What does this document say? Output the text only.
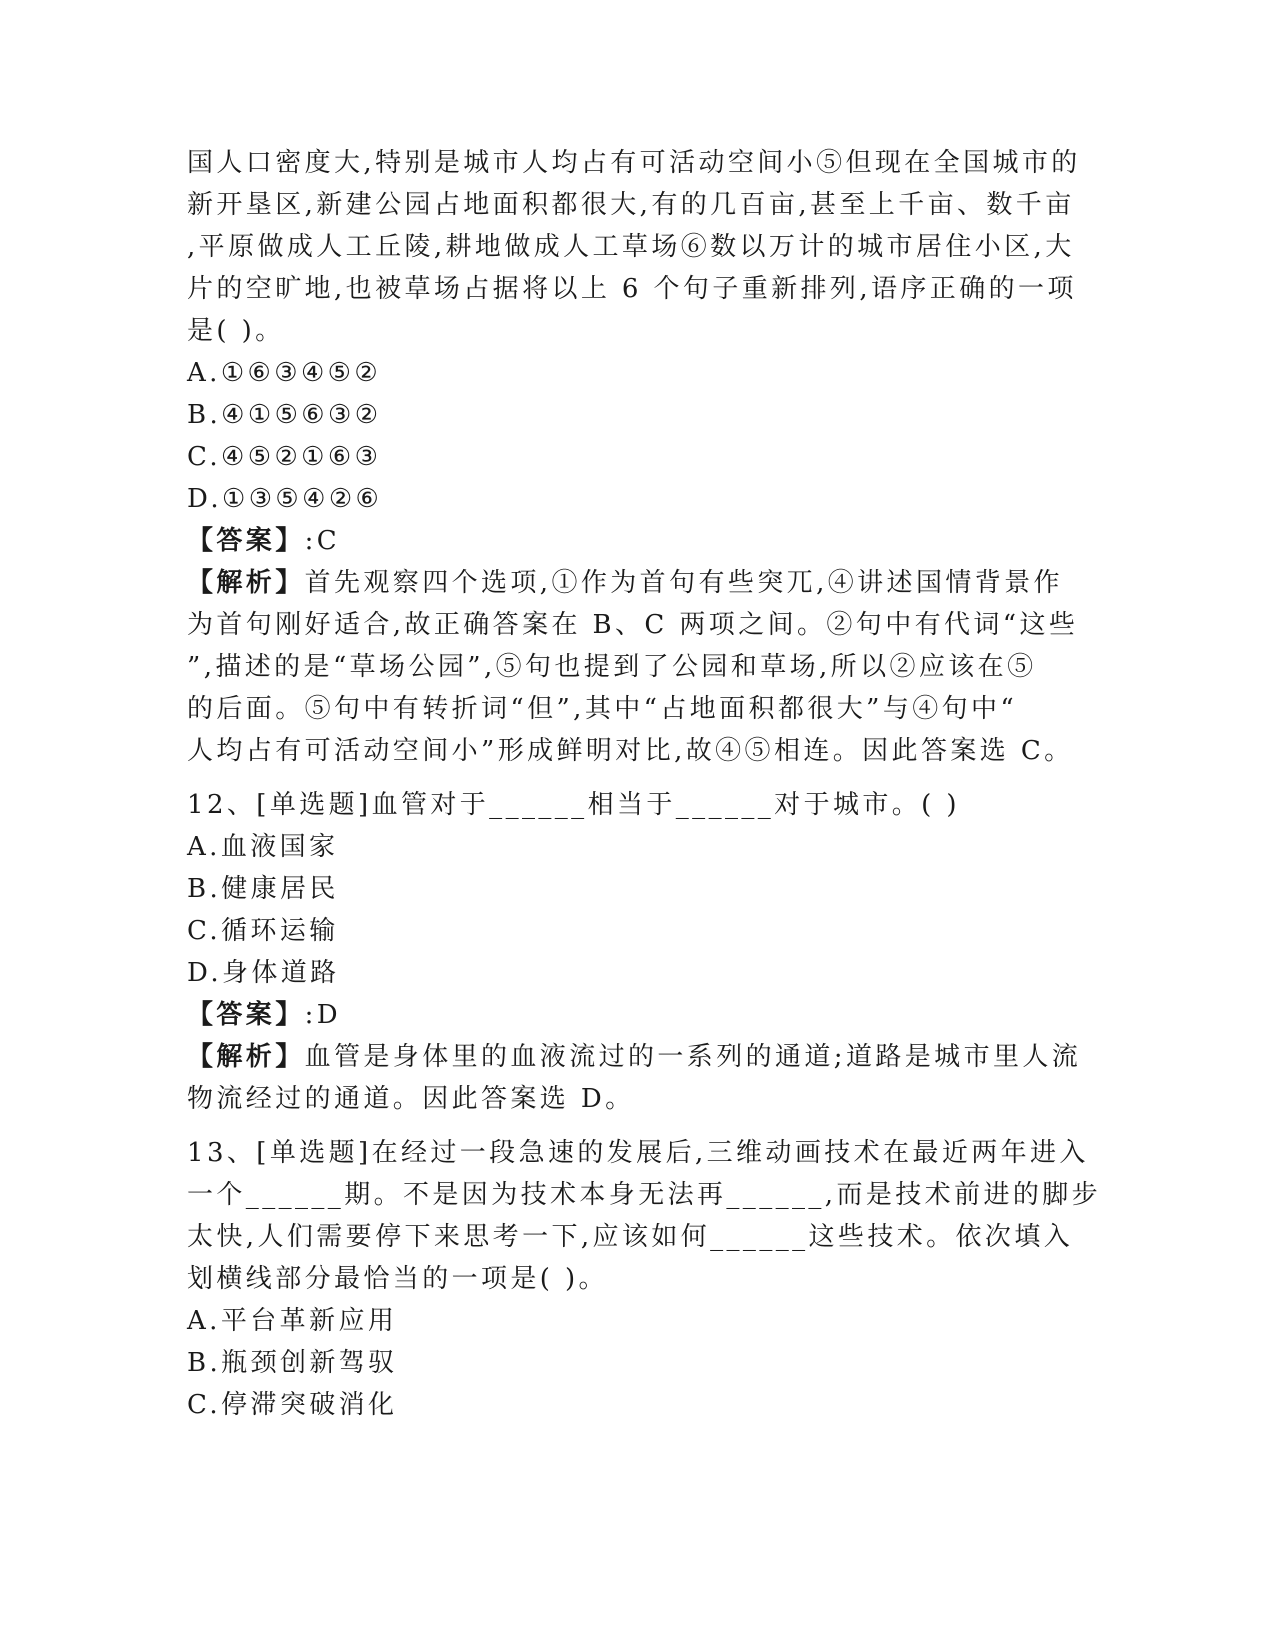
国人口密度大,特别是城市人均占有可活动空间小⑤但现在全国城市的
新开垦区,新建公园占地面积都很大,有的几百亩,甚至上千亩、数千亩
,平原做成人工丘陵,耕地做成人工草场⑥数以万计的城市居住小区,大
片的空旷地,也被草场占据将以上 6 个句子重新排列,语序正确的一项
是( )。
A.①⑥③④⑤②
B.④①⑤⑥③②
C.④⑤②①⑥③
D.①③⑤④②⑥
【答案】:C
【解析】首先观察四个选项,①作为首句有些突兀,④讲述国情背景作
为首句刚好适合,故正确答案在 B、C 两项之间。②句中有代词“这些
”,描述的是“草场公园”,⑤句也提到了公园和草场,所以②应该在⑤
的后面。⑤句中有转折词“但”,其中“占地面积都很大”与④句中“
人均占有可活动空间小”形成鲜明对比,故④⑤相连。因此答案选 C。
12、[单选题]血管对于______相当于______对于城市。( )
A.血液国家
B.健康居民
C.循环运输
D.身体道路
【答案】:D
【解析】血管是身体里的血液流过的一系列的通道;道路是城市里人流
物流经过的通道。因此答案选 D。
13、[单选题]在经过一段急速的发展后,三维动画技术在最近两年进入
一个______期。不是因为技术本身无法再______,而是技术前进的脚步
太快,人们需要停下来思考一下,应该如何______这些技术。依次填入
划横线部分最恰当的一项是( )。
A.平台革新应用
B.瓶颈创新驾驭
C.停滞突破消化
